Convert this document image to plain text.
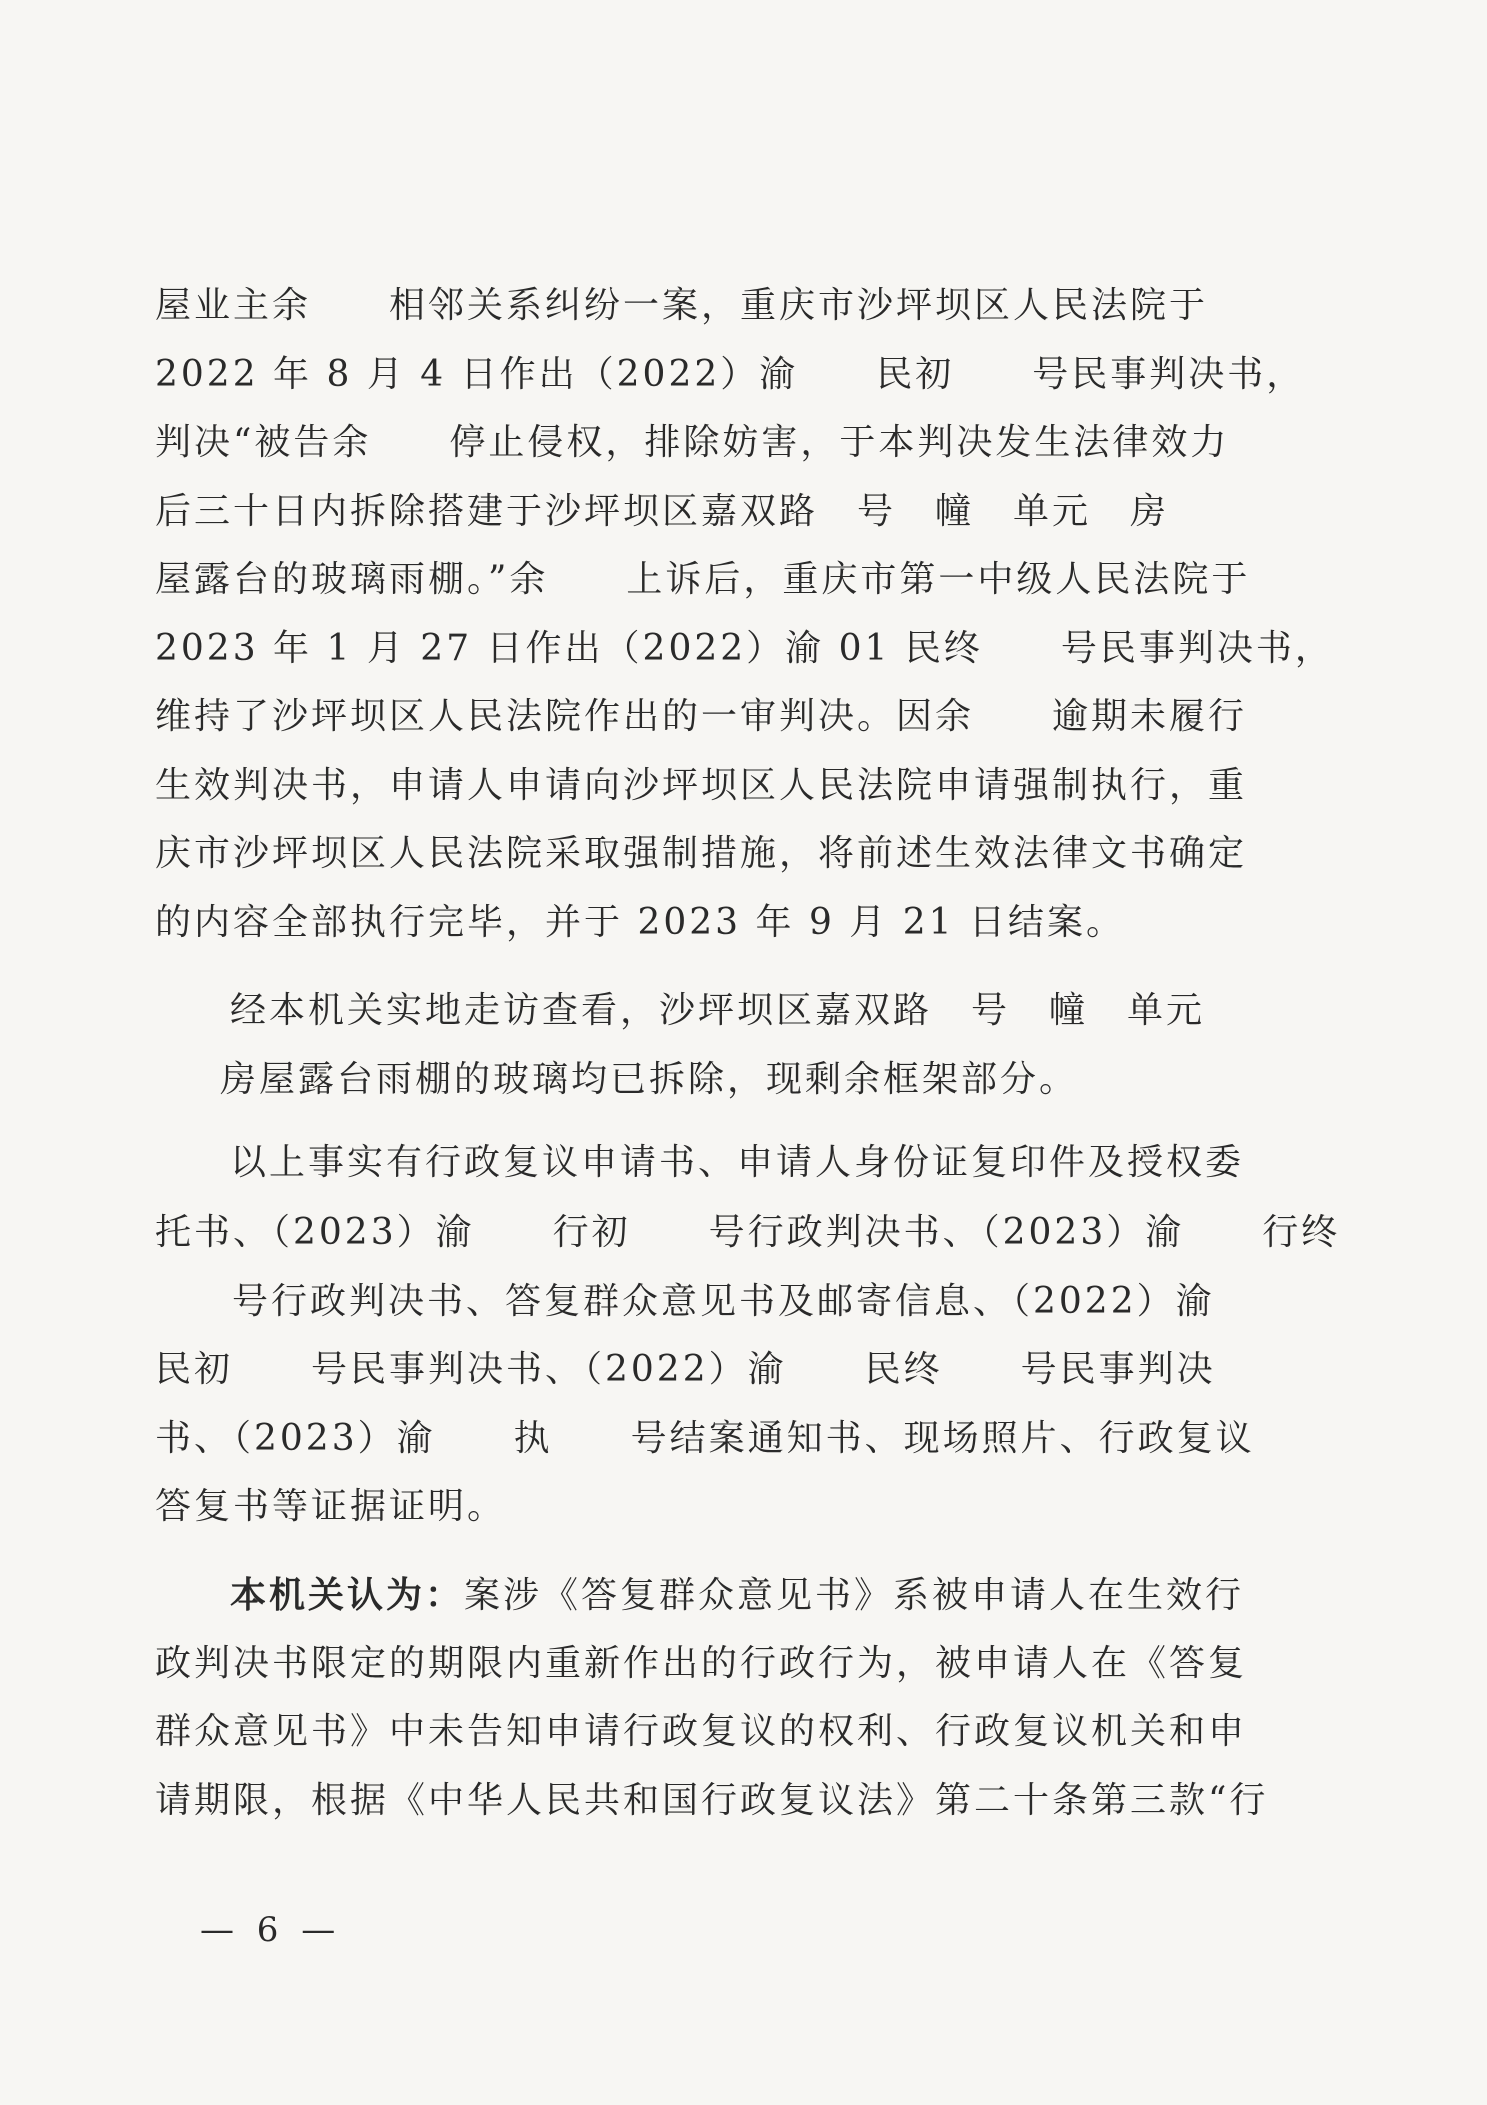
屋业主余　　相邻关系纠纷一案，重庆市沙坪坝区人民法院于
2022 年 8 月 4 日作出（2022）渝　　民初　　号民事判决书，
判决“被告余　　停止侵权，排除妨害，于本判决发生法律效力
后三十日内拆除搭建于沙坪坝区嘉双路　号　幢　单元　房
屋露台的玻璃雨棚。”余　　上诉后，重庆市第一中级人民法院于
2023 年 1 月 27 日作出（2022）渝 01 民终　　号民事判决书，
维持了沙坪坝区人民法院作出的一审判决。因余　　逾期未履行
生效判决书，申请人申请向沙坪坝区人民法院申请强制执行，重
庆市沙坪坝区人民法院采取强制措施，将前述生效法律文书确定
的内容全部执行完毕，并于 2023 年 9 月 21 日结案。
经本机关实地走访查看，沙坪坝区嘉双路　号　幢　单元
房屋露台雨棚的玻璃均已拆除，现剩余框架部分。
以上事实有行政复议申请书、申请人身份证复印件及授权委
托书、（2023）渝　　行初　　号行政判决书、（2023）渝　　行终
号行政判决书、答复群众意见书及邮寄信息、（2022）渝
民初　　号民事判决书、（2022）渝　　民终　　号民事判决
书、（2023）渝　　执　　号结案通知书、现场照片、行政复议
答复书等证据证明。
本机关认为：案涉《答复群众意见书》系被申请人在生效行
政判决书限定的期限内重新作出的行政行为，被申请人在《答复
群众意见书》中未告知申请行政复议的权利、行政复议机关和申
请期限，根据《中华人民共和国行政复议法》第二十条第三款“行
— 6 —
